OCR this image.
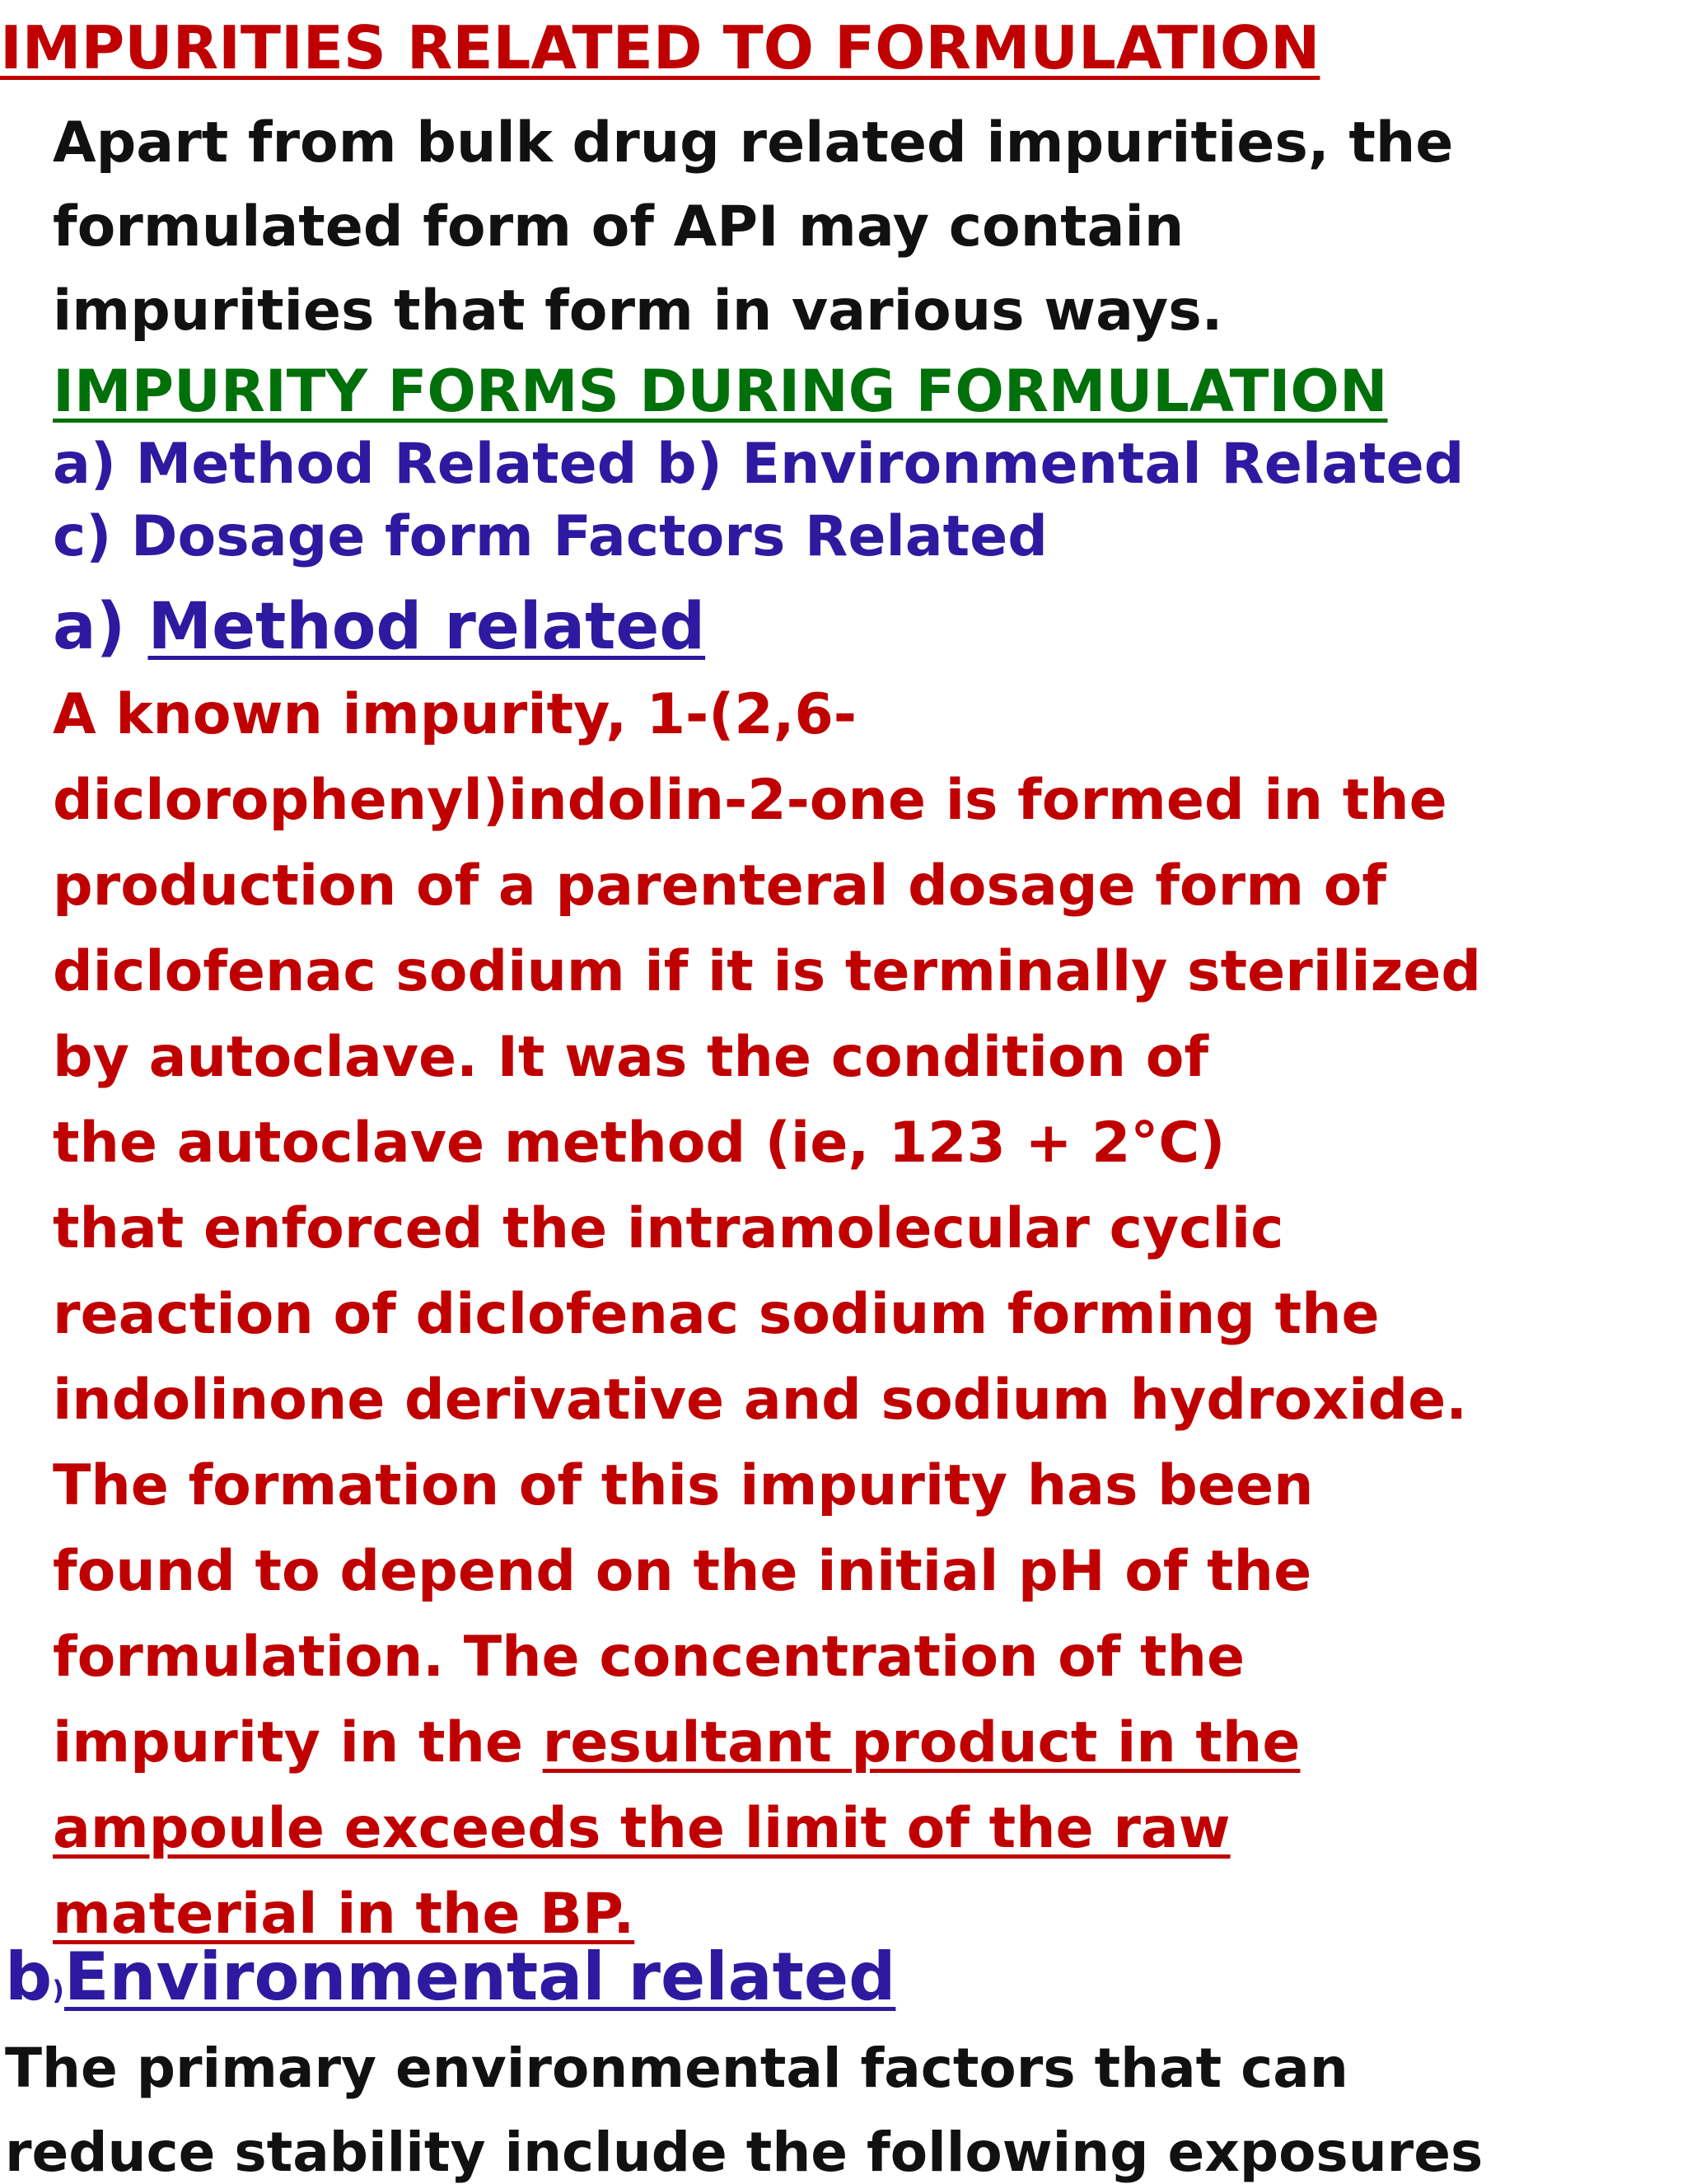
IMPURITIES RELATED TO FORMULATION
Apart from bulk drug related impurities, the
formulated form of API may contain
impurities that form in various ways.
IMPURITY FORMS DURING FORMULATION
a) Method Related b) Environmental Related
c) Dosage form Factors Related
a) Method related
A known impurity, 1-(2,6-
diclorophenyl)indolin-2-one is formed in the
production of a parenteral dosage form of
diclofenac sodium if it is terminally sterilized
by autoclave. It was the condition of
the autoclave method (ie, 123 + 2°C)
that enforced the intramolecular cyclic
reaction of diclofenac sodium forming the
indolinone derivative and sodium hydroxide.
The formation of this impurity has been
found to depend on the initial pH of the
formulation. The concentration of the
impurity in the resultant product in the
ampoule exceeds the limit of the raw
material in the BP.
b)Environmental related
The primary environmental factors that can
reduce stability include the following exposures
